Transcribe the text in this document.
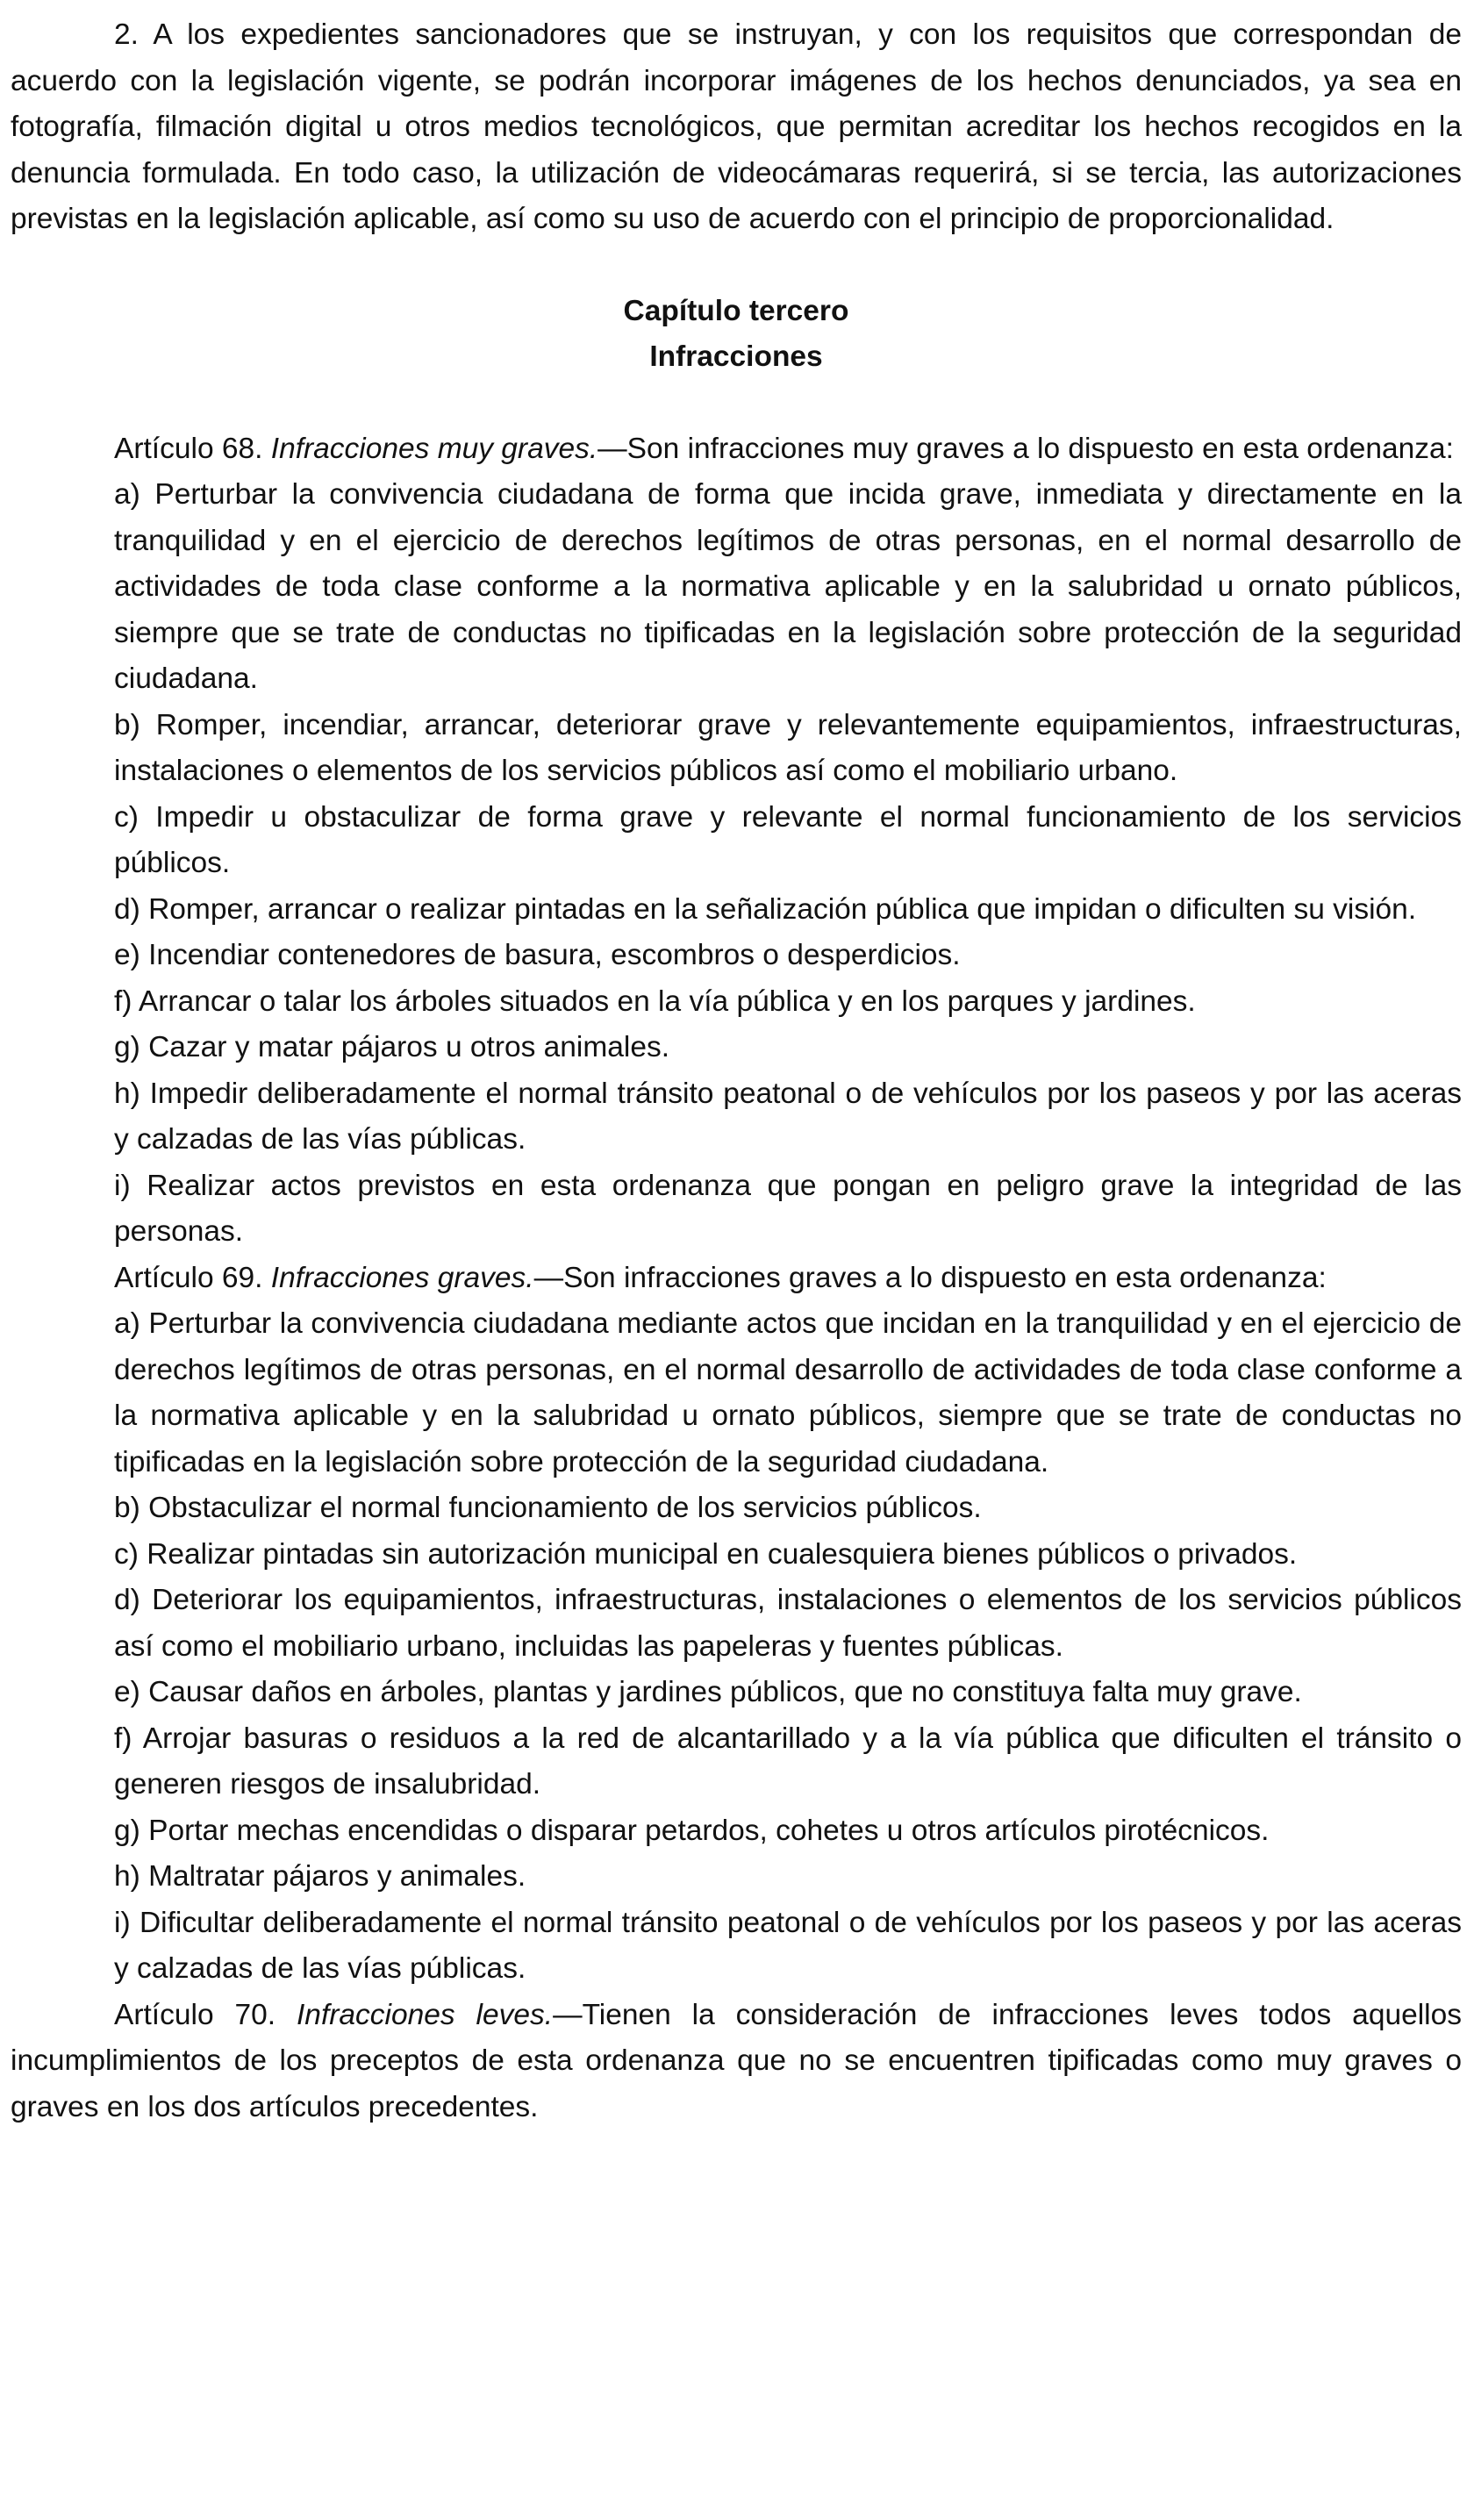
2. A los expedientes sancionadores que se instruyan, y con los requisitos que correspondan de acuerdo con la legislación vigente, se podrán incorporar imágenes de los hechos denunciados, ya sea en fotografía, filmación digital u otros medios tecnológicos, que permitan acreditar los hechos recogidos en la denuncia formulada. En todo caso, la utilización de videocámaras requerirá, si se tercia, las autorizaciones previstas en la legislación aplicable, así como su uso de acuerdo con el principio de proporcionalidad.

Capítulo tercero

Infracciones

Artículo 68. Infracciones muy graves.—Son infracciones muy graves a lo dispuesto en esta ordenanza:

a) Perturbar la convivencia ciudadana de forma que incida grave, inmediata y directamente en la tranquilidad y en el ejercicio de derechos legítimos de otras personas, en el normal desarrollo de actividades de toda clase conforme a la normativa aplicable y en la salubridad u ornato públicos, siempre que se trate de conductas no tipificadas en la legislación sobre protección de la seguridad ciudadana.

b) Romper, incendiar, arrancar, deteriorar grave y relevantemente equipamientos, infraestructuras, instalaciones o elementos de los servicios públicos así como el mobiliario urbano.

c) Impedir u obstaculizar de forma grave y relevante el normal funcionamiento de los servicios públicos.

d) Romper, arrancar o realizar pintadas en la señalización pública que impidan o dificulten su visión.

e) Incendiar contenedores de basura, escombros o desperdicios.

f) Arrancar o talar los árboles situados en la vía pública y en los parques y jardines.

g) Cazar y matar pájaros u otros animales.

h) Impedir deliberadamente el normal tránsito peatonal o de vehículos por los paseos y por las aceras y calzadas de las vías públicas.

i) Realizar actos previstos en esta ordenanza que pongan en peligro grave la integridad de las personas.

Artículo 69. Infracciones graves.—Son infracciones graves a lo dispuesto en esta ordenanza:

a) Perturbar la convivencia ciudadana mediante actos que incidan en la tranquilidad y en el ejercicio de derechos legítimos de otras personas, en el normal desarrollo de actividades de toda clase conforme a la normativa aplicable y en la salubridad u ornato públicos, siempre que se trate de conductas no tipificadas en la legislación sobre protección de la seguridad ciudadana.

b) Obstaculizar el normal funcionamiento de los servicios públicos.

c) Realizar pintadas sin autorización municipal en cualesquiera bienes públicos o privados.

d) Deteriorar los equipamientos, infraestructuras, instalaciones o elementos de los servicios públicos así como el mobiliario urbano, incluidas las papeleras y fuentes públicas.

e) Causar daños en árboles, plantas y jardines públicos, que no constituya falta muy grave.

f) Arrojar basuras o residuos a la red de alcantarillado y a la vía pública que dificulten el tránsito o generen riesgos de insalubridad.

g) Portar mechas encendidas o disparar petardos, cohetes u otros artículos pirotécnicos.

h) Maltratar pájaros y animales.

i) Dificultar deliberadamente el normal tránsito peatonal o de vehículos por los paseos y por las aceras y calzadas de las vías públicas.

Artículo 70. Infracciones leves.—Tienen la consideración de infracciones leves todos aquellos incumplimientos de los preceptos de esta ordenanza que no se encuentren tipificadas como muy graves o graves en los dos artículos precedentes.
